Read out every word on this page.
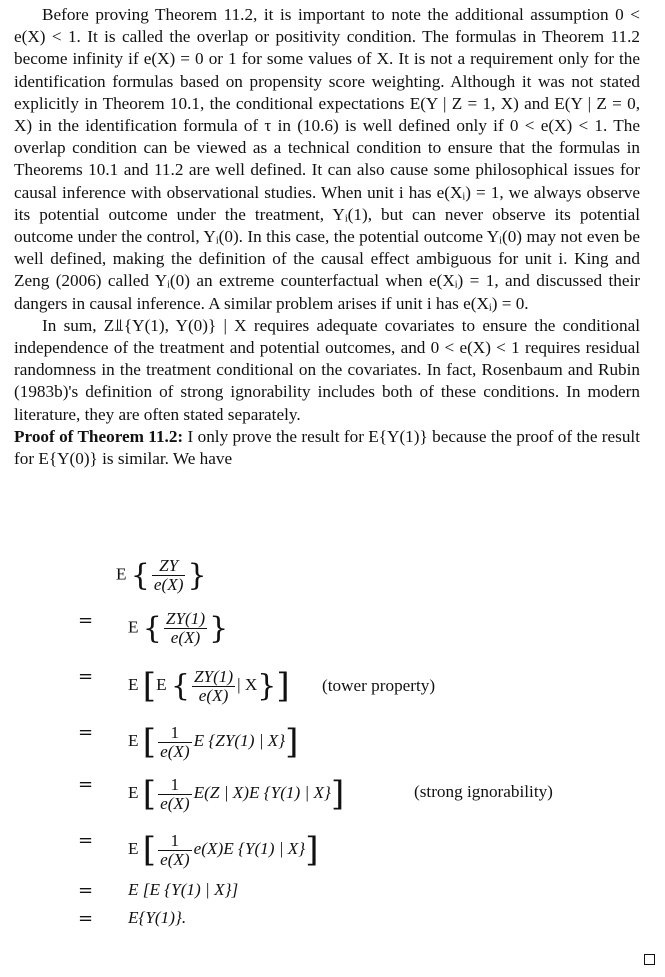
Before proving Theorem 11.2, it is important to note the additional assumption 0 < e(X) < 1. It is called the overlap or positivity condition. The formulas in Theorem 11.2 become infinity if e(X) = 0 or 1 for some values of X. It is not a requirement only for the identification formulas based on propensity score weighting. Although it was not stated explicitly in Theorem 10.1, the conditional expectations E(Y | Z = 1, X) and E(Y | Z = 0, X) in the identification formula of τ in (10.6) is well defined only if 0 < e(X) < 1. The overlap condition can be viewed as a technical condition to ensure that the formulas in Theorems 10.1 and 11.2 are well defined. It can also cause some philosophical issues for causal inference with observational studies. When unit i has e(Xᵢ) = 1, we always observe its potential outcome under the treatment, Yᵢ(1), but can never observe its potential outcome under the control, Yᵢ(0). In this case, the potential outcome Yᵢ(0) may not even be well defined, making the definition of the causal effect ambiguous for unit i. King and Zeng (2006) called Yᵢ(0) an extreme counterfactual when e(Xᵢ) = 1, and discussed their dangers in causal inference. A similar problem arises if unit i has e(Xᵢ) = 0.

In sum, Z⫫{Y(1), Y(0)} | X requires adequate covariates to ensure the conditional independence of the treatment and potential outcomes, and 0 < e(X) < 1 requires residual randomness in the treatment conditional on the covariates. In fact, Rosenbaum and Rubin (1983b)'s definition of strong ignorability includes both of these conditions. In modern literature, they are often stated separately.

Proof of Theorem 11.2: I only prove the result for E{Y(1)} because the proof of the result for E{Y(0)} is similar. We have

E { $\frac{ZY}{e(X)}$ }
= E { $\frac{ZY(1)}{e(X)}$ }
= E [E { $\frac{ZY(1)}{e(X)}$ | X}] (tower property)
= E [ $\frac{1}{e(X)}$ E {ZY(1) | X}]
= E [ $\frac{1}{e(X)} E(Z$ | X)E {Y(1) | X}]	(strong ignorability)
= E [ $\frac{1}{e(X)} e(X)E$ {Y(1) | X}]
= E [E {Y(1) | X}]
= E{Y(1)}.
